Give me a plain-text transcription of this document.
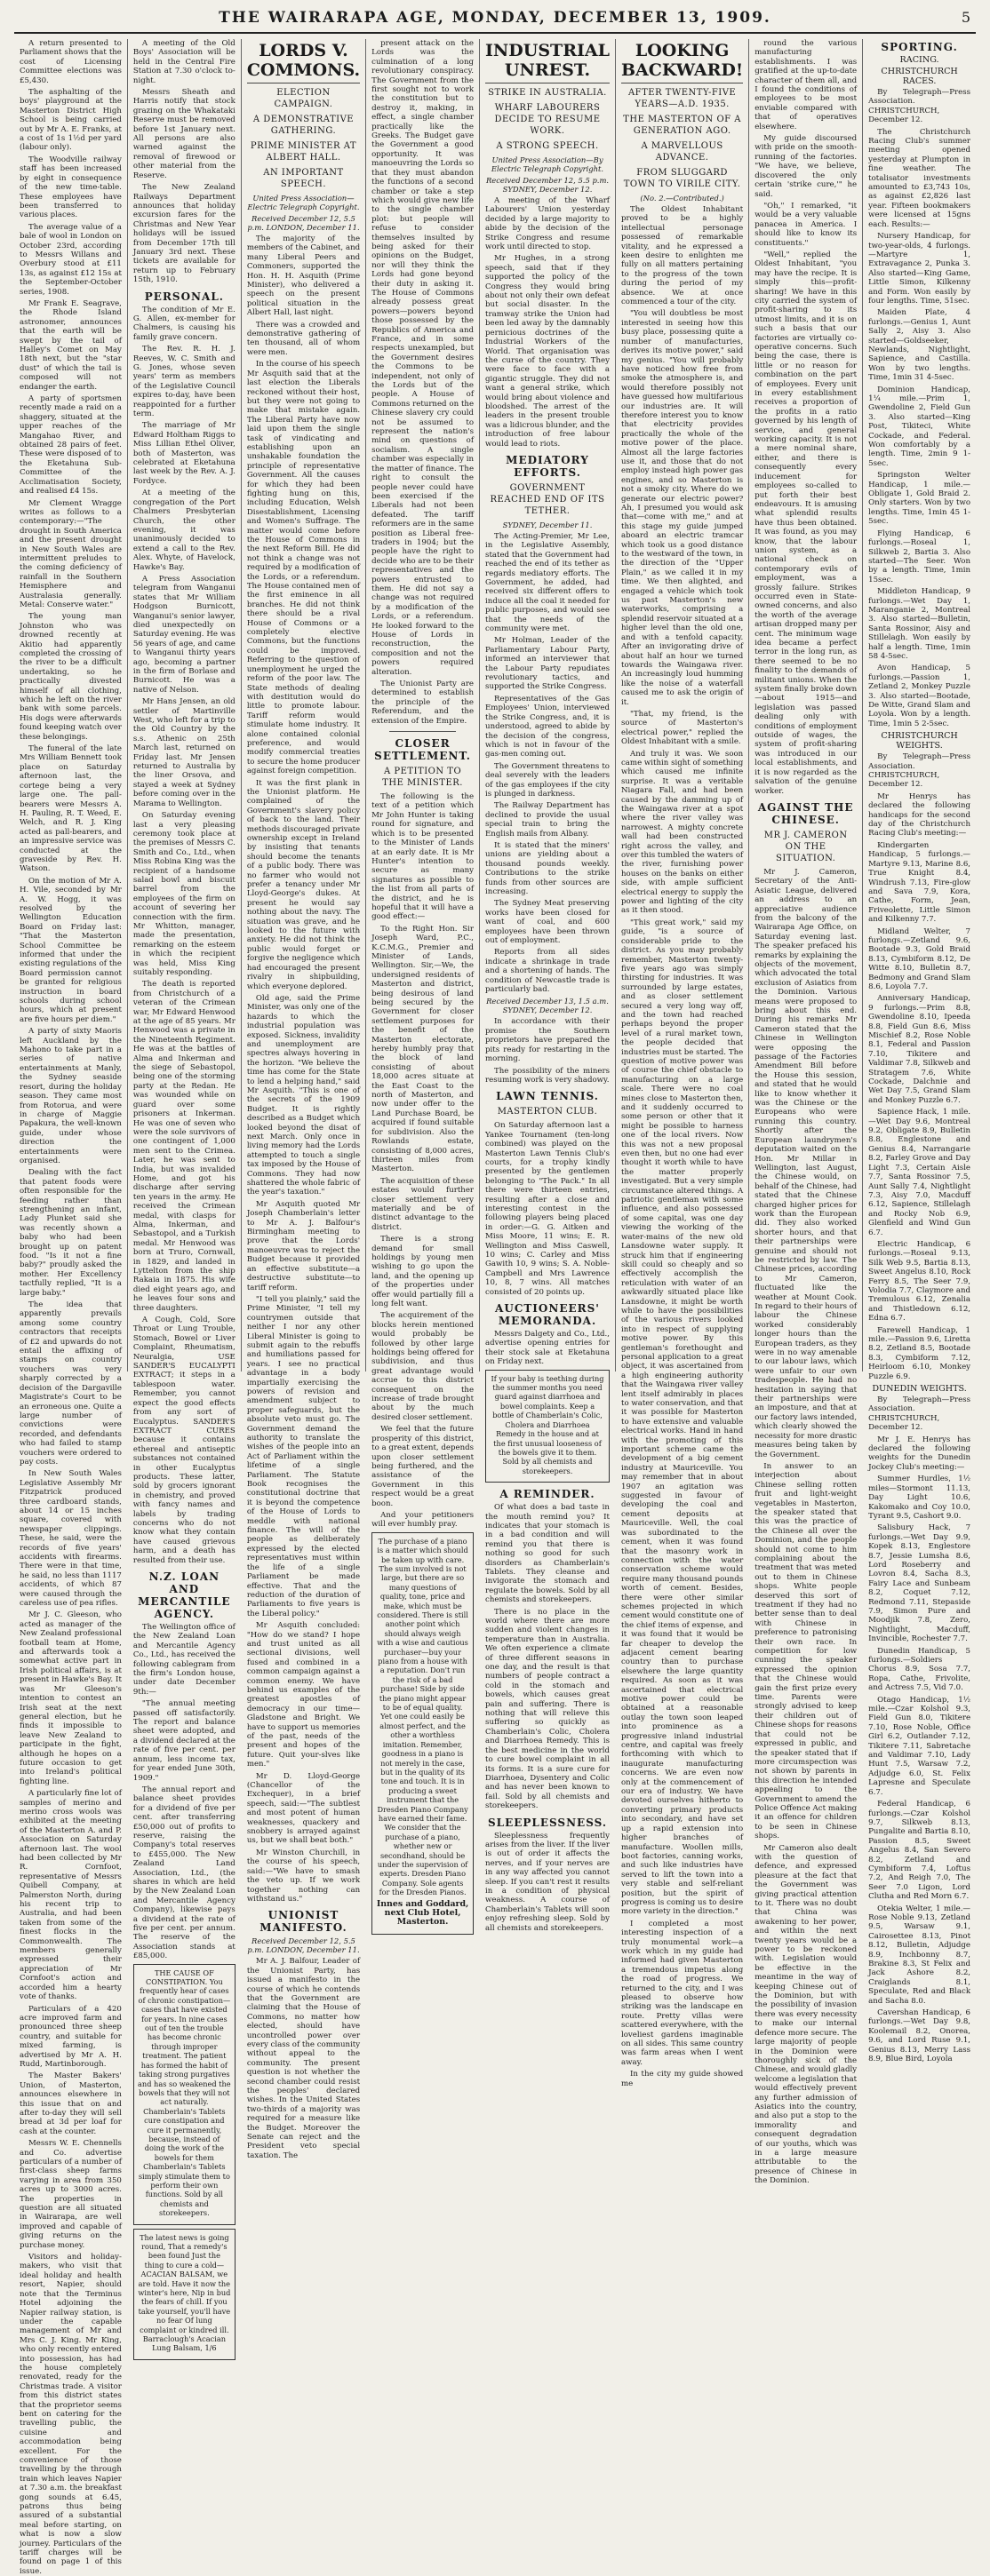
THE WAIRARAPA AGE, MONDAY, DECEMBER 13, 1909.	5

A return presented to Parliament shows that the cost of Licensing Committee elections was £5,430.

The asphalting of the boys' playground at the Masterton District High School is being carried out by Mr A. E. Franks, at a cost of 1s 1½d per yard (labour only).

The Woodville railway staff has been increased by eight in consequence of the new time-table. These employees have been transferred to various places.

The average value of a bale of wool in London on October 23rd, according to Messrs Willans and Overbury stood at £11 13s, as against £12 15s at the September-October series, 1908.

Mr Frank E. Seagrave, the Rhode Island astronomer, announces that the earth will be swept by the tail of Halley's Comet on May 18th next, but the "star dust" of which the tail is composed will not endanger the earth.

A party of sportsmen recently made a raid on a shaggery, situated at the upper reaches of the Mangahao River, and obtained 28 pairs of feet. These were disposed of to the Eketahuna Sub-Committee of the Acclimatisation Society, and realised £4 15s.

Mr Clement Wragge writes as follows to a contemporary:—"The drought in South America and the present drought in New South Wales are intermittent preludes to the coming deficiency of rainfall in the Southern Hemisphere and Australasia generally. Metal: Conserve water."

The young man Johnston who was drowned recently at Akitio had apparently completed the crossing of the river to be a difficult undertaking, so he practically divested himself of all clothing, which he left on the river bank with some parcels. His dogs were afterwards found keeping watch over these belongings.

The funeral of the late Mrs William Bennett took place on Saturday afternoon last, the cortege being a very large one. The pall-bearers were Messrs A. H. Pauling, R. T. Weed, E. Welch, and R. J. King acted as pall-bearers, and an impressive service was conducted at the graveside by Rev. H. Watson.

On the motion of Mr A. H. Vile, seconded by Mr A. W. Hogg, it was resolved by the Wellington Education Board on Friday last: "That the Masterton School Committee be informed that under the existing regulations of the Board permission cannot be granted for religious instruction in board schools during school hours, which at present are five hours per diem."

A party of sixty Maoris left Auckland by the Mahono to take part in a series of native entertainments at Manly, the Sydney seaside resort, during the holiday season. They came most from Rotorua, and were in charge of Maggie Papakura, the well-known guide, under whose direction the entertainments were organised.

Dealing with the fact that patent foods were often responsible for the feeding rather than strengthening an infant, Lady Plunket said she was recently shown a baby who had been brought up on patent food. "Is it not a fine baby?" proudly asked the mother. Her Excellency tactfully replied, "It is a large baby."

The idea that apparently prevails among some country contractors that receipts of £2 and upwards do not entail the affixing of stamps on country vouchers was very sharply corrected by a decision of the Dargaville Magistrate's Court to be an erroneous one. Quite a large number of convictions were recorded, and defendants who had failed to stamp vouchers were ordered to pay costs.

In New South Wales Legislative Assembly Mr Fitzpatrick produced three cardboard stands, about 14 or 15 inches square, covered with newspaper clippings. These, he said, were the records of five years' accidents with firearms. There were in that time, he said, no less than 1117 accidents, of which 87 were caused through the careless use of pea rifles.

Mr J. C. Gleeson, who acted as manager of the New Zealand professional football team at Home, and afterwards took a somewhat active part in Irish political affairs, is at present in Hawke's Bay. It was Mr Gleeson's intention to contest an Irish seat at the next general election, but he finds it impossible to leave New Zealand to participate in the fight, although he hopes on a future occasion to get into Ireland's political fighting line.

A particularly fine lot of samples of merino and merino cross wools was exhibited at the meeting of the Masterton A. and P. Association on Saturday afternoon last. The wool had been collected by Mr R. Cornfoot, representative of Messrs Quibell Company, at Palmerston North, during his recent trip to Australia, and had been taken from some of the finest flocks in the Commonwealth. The members generally expressed their appreciation of Mr Cornfoot's action and accorded him a hearty vote of thanks.

Particulars of a 420 acre improved farm and pronounced three sheep country, and suitable for mixed farming, is advertised by Mr A. H. Rudd, Martinborough.

The Master Bakers' Union, of Masterton, announces elsewhere in this issue that on and after to-day they will sell bread at 3d per loaf for cash at the counter.

Messrs W. E. Chennells and Co. advertise particulars of a number of first-class sheep farms varying in area from 350 acres up to 3000 acres. The properties in question are all situated in Wairarapa, are well improved and capable of giving returns on the purchase money.

Visitors and holiday-makers, who visit that ideal holiday and health resort, Napier, should note that the Terminus Hotel adjoining the Napier railway station, is under the capable management of Mr and Mrs C. J. King. Mr King, who only recently entered into possession, has had the house completely renovated, ready for the Christmas trade. A visitor from this district states that the proprietor seems bent on catering for the travelling public, the cuisine and accommodation being excellent. For the convenience of those travelling by the through train which leaves Napier at 7.30 a.m. the breakfast gong sounds at 6.45, patrons thus being assured of a substantial meal before starting, on what is now a slow journey. Particulars of the tariff charges will be found on page 1 of this issue.

A meeting of the Old Boys' Association will be held in the Central Fire Station at 7.30 o'clock to-night.

Messrs Sheath and Harris notify that stock grazing on the Whakataki Reserve must be removed before 1st January next. All persons are also warned against the removal of firewood or other material from the Reserve.

The New Zealand Railways Department announces that holiday excursion fares for the Christmas and New Year holidays will be issued from December 17th till January 3rd next. These tickets are available for return up to February 15th, 1910.

PERSONAL.

The condition of Mr E. G. Allen, ex-member for Chalmers, is causing his family grave concern.

The Rev. R. H. J. Reeves, W. C. Smith and G. Jones, whose seven years' term as members of the Legislative Council expires to-day, have been reappointed for a further term.

The marriage of Mr Edward Holtham Riggs to Miss Lillian Ethel Oliver, both of Masterton, was celebrated at Eketahuna last week by the Rev. A. J. Fordyce.

At a meeting of the congregation of the Port Chalmers Presbyterian Church, the other evening, it was unanimously decided to extend a call to the Rev. Alex. Whyte, of Havelock, Hawke's Bay.

A Press Association telegram from Wanganui states that Mr William Hodgson Burnicott, Wanganui's senior lawyer, died unexpectedly on Saturday evening. He was 56 years of age, and came to Wanganui thirty years ago, becoming a partner in the firm of Borlase and Burnicott. He was a native of Nelson.

Mr Hans Jensen, an old settler of Martinville West, who left for a trip to the Old Country by the s.s. Athenic on 25th March last, returned on Friday last. Mr Jensen returned to Australia by the liner Orsova, and stayed a week at Sydney before coming over in the Marama to Wellington.

On Saturday evening last a very pleasing ceremony took place at the premises of Messrs C. Smith and Co., Ltd., when Miss Robina King was the recipient of a handsome salad bowl and biscuit barrel from the employees of the firm on account of severing her connection with the firm. Mr Whitton, manager, made the presentation, remarking on the esteem in which the recipient was held, Miss King suitably responding.

The death is reported from Christchurch of a veteran of the Crimean war, Mr Edward Henwood at the age of 85 years. Mr Henwood was a private in the Nineteenth Regiment. He was at the battles of Alma and Inkerman and the siege of Sebastopol, being one of the storming party at the Redan. He was wounded while on guard over some prisoners at Inkerman. He was one of seven who were the sole survivors of one contingent of 1,000 men sent to the Crimea. Later, he was sent to India, but was invalided Home, and got his discharge after serving ten years in the army. He received the Crimean medal, with clasps for Alma, Inkerman, and Sebastopol, and a Turkish medal. Mr Henwood was born at Truro, Cornwall, in 1829, and landed in Lyttelton from the ship Rakaia in 1875. His wife died eight years ago, and he leaves four sons and three daughters.

A Cough, Cold, Sore Throat or Lung Trouble, Stomach, Bowel or Liver Complaint, Rheumatism, Neuralgia, USE SANDER'S EUCALYPTI EXTRACT; it steps in a tablespoon water. Remember, you cannot expect the good effects from any sort of Eucalyptus. SANDER'S EXTRACT CURES because it contains ethereal and antiseptic substances not contained in other Eucalyptus products. These latter, sold by grocers ignorant in chemistry, and proved with fancy names and labels by trading concerns who do not know what they contain have caused grievous harm, and a death has resulted from their use.

N.Z. LOAN AND MERCANTILE AGENCY.

The Wellington office of the New Zealand Loan and Mercantile Agency Co., Ltd., has received the following cablegram from the firm's London house, under date December 9th:—

"The annual meeting passed off satisfactorily. The report and balance sheet were adopted, and a dividend declared at the rate of five per cent. per annum, less income tax, for year ended June 30th, 1909."

The annual report and balance sheet provides for a dividend of five per cent. after transferring £50,000 out of profits to reserve, raising the Company's total reserves to £455,000. The New Zealand Land Association, Ltd., (the shares in which are held by the New Zealand Loan and Mercantile Agency Company), likewise pays a dividend at the rate of five per cent. per annum. The reserve of the Association stands at £85,000.

THE CAUSE OF CONSTIPATION. You frequently hear of cases of chronic constipation—cases that have existed for years. In nine cases out of ten the trouble has become chronic through improper treatment. The patient has formed the habit of taking strong purgatives and has so weakened the bowels that they will not act naturally. Chamberlain's Tablets cure constipation and cure it permanently, because, instead of doing the work of the bowels for them Chamberlain's Tablets simply stimulate them to perform their own functions. Sold by all chemists and storekeepers.

The latest news is going round, That a remedy's been found Just the thing to cure a cold—ACACIAN BALSAM, we are told. Have it now the winter's here, Nip in bud the fears of chill. If you take yourself, you'll have no fear Of lung complaint or kindred ill. Barraclough's Acacian Lung Balsam, 1/6

LORDS V. COMMONS.
ELECTION CAMPAIGN.
A DEMONSTRATIVE GATHERING.
PRIME MINISTER AT ALBERT HALL.
AN IMPORTANT SPEECH.
United Press Association—Electric Telegraph Copyright.
Received December 12, 5.5 p.m. LONDON, December 11.

The majority of the members of the Cabinet, and many Liberal Peers and Commoners, supported the Hon. H. H. Asquith (Prime Minister), who delivered a speech on the present political situation in the Albert Hall, last night.

There was a crowded and demonstrative gathering of ten thousand, all of whom were men.

In the course of his speech Mr Asquith said that at the last election the Liberals reckoned without their host, but they were not going to make that mistake again. The Liberal Party have now laid upon them the single task of vindicating and establishing upon an unshakable foundation the principle of representative Government. All the causes for which they had been fighting hung on this, including Education, Welsh Disestablishment, Licensing and Women's Suffrage. The matter would come before the House of Commons in the next Reform Bill. He did not think a change was not required by a modification of the Lords, or a referendum. The House contained men of the first eminence in all branches. He did not think there should be a rival House of Commons or a completely elective Commons, but the functions could be improved. Referring to the question of unemployment he urged the reform of the poor law. The State methods of dealing with destitution would do little to promote labour. Tariff reform would stimulate home industry. It alone contained colonial preference, and would modify commercial treaties to secure the home producer against foreign competition.

It was the first plank in the Unionist platform. He complained of the Government's slavery policy of back to the land. Their methods discouraged private ownership except in Ireland by insisting that tenants should become the tenants of a public body. There was no farmer who would not prefer a tenancy under Mr Lloyd-George's dukes. At present he would say nothing about the navy. The situation was grave, and he looked to the future with anxiety. He did not think the public would forget or forgive the negligence which had encouraged the present rivalry in shipbuilding, which everyone deplored.

Old age, said the Prime Minister, was only one of the hazards to which the industrial population was exposed. Sickness, invalidity and unemployment are spectres always hovering in the horizon. "We believe the time has come for the State to lend a helping hand," said Mr Asquith. "This is one of the secrets of the 1909 Budget. It is rightly described as a Budget which looked beyond the disat of next March. Only once in living memory had the Lords attempted to touch a single tax imposed by the House of Commons. They had now shattered the whole fabric of the year's taxation."

Mr Asquith quoted Mr Joseph Chamberlain's letter to Mr A. J. Balfour's Birmingham meeting to prove that the Lords' manoeuvre was to reject the Budget because it provided an effective substitute—a destructive substitute—to tariff reform.

"I tell you plainly," said the Prime Minister, "I tell my countrymen outside that neither I nor any other Liberal Minister is going to submit again to the rebuffs and humiliations passed for years. I see no practical advantage in a body impartially exercising the powers of revision and amendment subject to proper safeguards, but the absolute veto must go. The Government demand the authority to translate the wishes of the people into an Act of Parliament within the lifetime of a single Parliament. The Statute Book recognises the constitutional doctrine that it is beyond the competence of the House of Lords to meddle with national finance. The will of the people as deliberately expressed by the elected representatives must within the life of a single Parliament be made effective. That and the reduction of the duration of Parliaments to five years is the Liberal policy."

Mr Asquith concluded: "How do we stand? I hope and trust united as all sectional divisions, well fused and combined in a common campaign against a common enemy. We have behind us examples of the greatest apostles of democracy in our time—Gladstone and Bright. We have to support us memories of the past, needs of the present and hopes of the future. Quit your-slves like men."

Mr D. Lloyd-George (Chancellor of the Exchequer), in a brief speech, said:—"The subtlest and most potent of human weaknesses, quackery and snobbery is arrayed against us, but we shall beat both."

Mr Winston Churchill, in the course of his speech, said:—"We have to smash the veto up. If we work together nothing can withstand us."

UNIONIST MANIFESTO.
Received December 12, 5.5 p.m. LONDON, December 11.

Mr A. J. Balfour, Leader of the Unionist Party, has issued a manifesto in the course of which he contends that the Government are claiming that the House of Commons, no matter how elected, should have uncontrolled power over every class of the community without appeal to the community. The present question is not whether the second chamber could resist the peoples' declared wishes. In the United States two-thirds of a majority was required for a measure like the Budget. Moreover the Senate can reject and the President veto special taxation. The

present attack on the Lords was the culmination of a long revolutionary conspiracy. The Government from the first sought not to work the constitution but to destroy it, making, in effect, a single chamber practically like the Greeks. The Budget gave the Government a good opportunity. It was manoeuvring the Lords so that they must abandon the functions of a second chamber or take a step which would give new life to the single chamber plot: but people will refuse to consider themselves insulted by being asked for their opinions on the Budget, nor will they think the Lords had gone beyond their duty in asking it. The House of Commons already possess great powers—powers beyond those possessed by the Republics of America and France, and in some respects unexampled, but the Government desires the Commons to be independent, not only of the Lords but of the people. A House of Commons returned on the Chinese slavery cry could not be assumed to represent the nation's mind on questions of socialism. A single chamber was especially in the matter of finance. The right to consult the people never could have been exercised if the Liberals had not been defeated. The tariff reformers are in the same position as Liberal free-traders in 1904; but the people have the right to decide who are to be their representatives and the powers entrusted to them. He did not say a change was not required by a modification of the Lords, or a referendum. He looked forward to the House of Lords in reconstruction, the composition and not the powers required alteration.

The Unionist Party are determined to establish the principle of the Referendum, and the extension of the Empire.

CLOSER SETTLEMENT.
A PETITION TO THE MINISTER.

The following is the text of a petition which Mr John Hunter is taking round for signature, and which is to be presented to the Minister of Lands at an early date. It is Mr Hunter's intention to secure as many signatures as possible to the list from all parts of the district, and he is hopeful that it will have a good effect:—

To the Right Hon. Sir Joseph Ward, P.C., K.C.M.G., Premier and Minister of Lands, Wellington. Sir,—We, the undersigned residents of Masterton and district, being desirous of land being secured by the Government for closer settlement purposes for the benefit of the Masterton electorate, hereby humbly pray that the block of land consisting of about 18,000 acres situate at the East Coast to the north of Masterton, and now under offer to the Land Purchase Board, be acquired if found suitable for subdivision. Also the Rowlands estate, consisting of 8,000 acres, thirteen miles from Masterton.

The acquisition of these estates would further closer settlement very materially and be of distinct advantage to the district.

There is a strong demand for small holdings by young men wishing to go upon the land, and the opening up of the properties under offer would partially fill a long felt want.

The acquirement of the blocks herein mentioned would probably be followed by other large holdings being offered for subdivision, and thus great advantage would accrue to this district consequent on the increase of trade brought about by the much desired closer settlement.

We feel that the future prosperity of this district, to a great extent, depends upon closer settlement being furthered, and the assistance of the Government in this respect would be a great boon.

And your petitioners will ever humbly pray.

The purchase of a piano is a matter which should be taken up with care. The sum involved is not large, but there are so many questions of quality, tone, price and make, which must be considered. There is still another point which should always weigh with a wise and cautious purchaser—buy your piano from a house with a reputation. Don't run the risk of a bad purchase! Side by side the piano might appear to be of equal quality. Yet one could easily be almost perfect, and the other a worthless imitation. Remember, goodness in a piano is not merely in the case, but in the quality of its tone and touch. It is in producing a sweet instrument that the Dresden Piano Company have earned their fame. We consider that the purchase of a piano, whether new or secondhand, should be under the supervision of experts. Dresden Piano Company. Sole agents for the Dresden Pianos.

Innes and Goddard, next Club Hotel, Masterton.

INDUSTRIAL UNREST.
STRIKE IN AUSTRALIA.
WHARF LABOURERS DECIDE TO RESUME WORK.
A STRONG SPEECH.
United Press Association—By Electric Telegraph Copyright.
Received December 12, 5.5 p.m. SYDNEY, December 12.

A meeting of the Wharf Labourers' Union yesterday decided by a large majority to abide by the decision of the Strike Congress and resume work until directed to stop.

Mr Hughes, in a strong speech, said that if they supported the policy of the Congress they would bring about not only their own defeat but social disaster. In the tramway strike the Union had been led away by the damnably pernicious doctrines of the Industrial Workers of the World. That organisation was the curse of the country. They were face to face with a gigantic struggle. They did not want a general strike, which would bring about violence and bloodshed. The arrest of the leaders in the present trouble was a lidicrous blunder, and the introduction of free labour would lead to riots.

MEDIATORY EFFORTS.
GOVERNMENT REACHED END OF ITS TETHER.
SYDNEY, December 11.

The Acting-Premier, Mr Lee, in the Legislative Assembly, stated that the Government had reached the end of its tether as regards mediatory efforts. The Government, he added, had received six different offers to induce all the coal it needed for public purposes, and would see that the needs of the community were met.

Mr Holman, Leader of the Parliamentary Labour Party, informed an interviewer that the Labour Party repudiates revolutionary tactics, and supported the Strike Congress.

Representatives of the Gas Employees' Union, interviewed the Strike Congress, and, it is understood, agreed to abide by the decision of the congress, which is not in favour of the gas-men coming out.

The Government threatens to deal severely with the leaders of the gas employees if the city is plunged in darkness.

The Railway Department has declined to provide the usual special train to bring the English mails from Albany.

It is stated that the miners' unions are yielding about a thousand pounds weekly. Contributions to the strike funds from other sources are increasing.

The Sydney Meat preserving works have been closed for want of coal, and 600 employees have been thrown out of employment.

Reports from all sides indicate a shrinkage in trade and a shortening of hands. The condition of Newcastle trade is particularly bad.

Received December 13, 1.5 a.m. SYDNEY, December 12.

In accordance with their promise the Southern proprietors have prepared the pits ready for restarting in the morning.

The possibility of the miners resuming work is very shadowy.

LAWN TENNIS.
MASTERTON CLUB.

On Saturday afternoon last a Yankee Tournament (ten-long combined) was played on the Masterton Lawn Tennis Club's courts, for a trophy kindly presented by the gentlemen belonging to "The Pack." In all there were thirteen entries, resulting after a close and interesting contest in the following players being placed in order:—G. G. Aitken and Miss Moore, 11 wins; E. R. Wellington and Miss Caswell, 10 wins; C. Carley and Miss Gawith 10, 9 wins; S. A. Noble-Campbell and Mrs Lawrence 10, 8, 7 wins. All matches consisted of 20 points up.

AUCTIONEERS' MEMORANDA.

Messrs Dalgety and Co., Ltd., advertise opening entries for their stock sale at Eketahuna on Friday next.

If your baby is teething during the summer months you need guard against diarrhoea and bowel complaints. Keep a bottle of Chamberlain's Colic, Cholera and Diarrhoea Remedy in the house and at the first unusual looseness of the bowels give it to them. Sold by all chemists and storekeepers.

A REMINDER.

Of what does a bad taste in the mouth remind you? It indicates that your stomach is in a bad condition and will remind you that there is nothing so good for such disorders as Chamberlain's Tablets. They cleanse and invigorate the stomach and regulate the bowels. Sold by all chemists and storekeepers.

There is no place in the world where there are more sudden and violent changes in temperature than in Australia. We often experience a climate of three different seasons in one day, and the result is that numbers of people contract a cold in the stomach and bowels, which causes great pain and suffering. There is nothing that will relieve this suffering so quickly as Chamberlain's Colic, Cholera and Diarrhoea Remedy. This is the best medicine in the world to cure bowel complaint in all its forms. It is a sure cure for Diarrhoea, Dysentery and Colic and has never been known to fail. Sold by all chemists and storekeepers.

SLEEPLESSNESS.

Sleeplessness frequently arises from the liver. If the liver is out of order it affects the nerves, and if your nerves are in any way affected you cannot sleep. If you can't rest it results in a condition of physical weakness. A course of Chamberlain's Tablets will soon enjoy refreshing sleep. Sold by all chemists and storekeepers.

LOOKING BACKWARD!
AFTER TWENTY-FIVE YEARS—A.D. 1935.
THE MASTERTON OF A GENERATION AGO.
A MARVELLOUS ADVANCE.
FROM SLUGGARD TOWN TO VIRILE CITY.
(No. 2.—Contributed.)

The Oldest Inhabitant proved to be a highly intellectual personage possessed of remarkable vitality, and he expressed a keen desire to enlighten me fully on all matters pertaining to the progress of the town during the period of my absence. We at once commenced a tour of the city.

"You will doubtless be most interested in seeing how this busy place, possessing quite a number of manufacturies, derives its motive power," said my genius. "You will probably have noticed how free from smoke the atmosphere is, and would therefore possibly not have guessed how multifarious our industries are. It will therefore interest you to know that electricity provides practically the whole of the motive power of the place. Almost all the large factories use it, and those that do not employ instead high power gas engines, and so Masterton is not a smoky city. Where do we generate our electric power? Ah, I presumed you would ask that—come with me," and at this stage my guide jumped aboard an electric tramcar which took us a good distance to the westward of the town, in the direction of the "Upper Plain," as we called it in my time. We then alighted, and engaged a vehicle which took us past Masterton's new waterworks, comprising a splendid reservoir situated at a higher level than the old one, and with a tenfold capacity. After an invigorating drive of about half an hour we turned towards the Waingawa river. An increasingly loud humming like the noise of a waterfall caused me to ask the origin of it.

"That, my friend, is the source of Masterton's electrical power," replied the Oldest Inhabitant with a smile.

And truly it was. We soon came within sight of something which caused me infinite surprise. It was a veritable Niagara Fall, and had been caused by the damming up of the Waingawa river at a spot where the river valley was narrowest. A mighty concrete wall had been constructed right across the valley, and over this tumbled the waters of the river, furnishing power houses on the banks on either side, with ample sufficient electrical energy to supply the power and lighting of the city as it then stood.

"This great work," said my guide, "is a source of considerable pride to the district. As you may probably remember, Masterton twenty-five years ago was simply thirsting for industries. It was surrounded by large estates, and as closer settlement secured a very long way off, and the town had reached perhaps beyond the proper level of a rural market town, the people decided that industries must be started. The question of motive power was of course the chief obstacle to manufacturing on a large scale. There were no coal mines close to Masterton then, and it suddenly occurred to some person or other that it might be possible to harness one of the local rivers. Now this was not a new proposal even then, but no one had ever thought it worth while to have the matter properly investigated. But a very simple circumstance altered things. A patriotic gentleman with some influence, and also possessed of some capital, was one day viewing the working of the water-mains of the new old Lansdowne water supply. It struck him that if engineering skill could so cheaply and so effectively accomplish the reticulation with water of an awkwardly situated place like Lansdowne, it might be worth while to have the possibilities of the various rivers looked into in respect of supplying motive power. By this gentleman's forethought and personal application to a great object, it was ascertained from a high engineering authority that the Waingawa river valley lent itself admirably in places to water conservation, and that it was possible for Masterton to have extensive and valuable electrical works. Hand in hand with the promoting of this important scheme came the development of a big cement industry at Mauriceville. You may remember that in about 1907 an agitation was suggested in favour of developing the coal and cement deposits at Mauriceville. Well, the coal was subordinated to the cement, when it was found that the masonry work in connection with the water conservation scheme would require many thousand pounds worth of cement. Besides, there were other similar schemes projected in which cement would constitute one of the chief items of expense, and it was found that it would be far cheaper to develop the adjacent cement bearing country than to purchase elsewhere the large quantity required. As soon as it was ascertained that electrical motive power could be obtained at a reasonable outlay the town soon leaped into prominence as a progressive inland industrial centre, and capital was freely forthcoming with which to inaugurate manufacturing concerns. We are even now only at the commencement of our era of industry. We have devoted ourselves hitherto to converting primary products into secondary, and have set up a rapid extension into higher branches of manufacture. Woollen mills, boot factories, canning works, and such like industries have served to lift the town into a very stable and self-reliant position, but the spirit of progress is coming us to desire more variety in the direction."

I completed a most interesting inspection of a truly monumental work—a work which in my guide had informed had given Masterton a tremendous impetus along the road of progress. We returned to the city, and I was pleased to observe how striking was the landscape en route. Pretty villas were scattered everywhere, with the loveliest gardens imaginable on all sides. This same country was farm areas when I went away.

In the city my guide showed me

round the various manufacturing establishments. I was gratified at the up-to-date character of them all, and I found the conditions of employees to be most enviable compared with that of operatives elsewhere.

My guide discoursed with pride on the smooth-running of the factories. "We have, we believe, discovered the only certain 'strike cure,'" he said.

"Oh," I remarked, "it would be a very valuable panacea in America. I should like to know its constituents."

"Well," replied the Oldest Inhabitant, "you may have the recipe. It is simply this—profit-sharing! We have in this city carried the system of profit-sharing to its utmost limits, and it is on such a basis that our factories are virtually co-operative concerns. Such being the case, there is little or no reason for combination on the part of employees. Every unit in every establishment receives a proportion of the profits in a ratio governed by his length of service, and general working capacity. It is not a mere nominal share, either, and there is consequently every inducement for employees so-called to put forth their best endeavours. It is amusing what splendid results have thus been obtained. It was found, as you may know, that the labour union system, as a national check on contemporary evils of employment, was a grossly failure. Strikes occurred even in State-owned concerns, and also the worth of the average artisan dropped many per cent. The minimum wage idea became a perfect terror in the long run, as there seemed to be no finality to the demands of militant unions. When the system finally broke down—about 1915—and legislation was passed dealing only with conditions of employment outside of wages, the system of profit-sharing was introduced in our local establishments, and it is now regarded as the salvation of the genuine worker.

AGAINST THE CHINESE.
MR J. CAMERON ON THE SITUATION.

Mr J. Cameron, Secretary of the Anti-Asiatic League, delivered an address to an appreciative audience from the balcony of the Wairarapa Age Office, on Saturday evening last. The speaker prefaced his remarks by explaining the objects of the movement, which advocated the total exclusion of Asiatics from the Dominion. Various means were proposed to bring about this end. During his remarks Mr Cameron stated that the Chinese in Wellington were opposing the passage of the Factories Amendment Bill before the House this session, and stated that he would like to know whether it was the Chinese or the Europeans who were running this country. Shortly after the European laundrymen's deputation waited on the Hon. Mr Millar in Wellington, last August, the Chinese would, on behalf of the Chinese, had stated that the Chinese charged higher prices for work than the European did. They also worked shorter hours, and that their partnerships were genuine and should not be restricted by law. The Chinese prices, according to Mr Cameron, fluctuated like the weather at Mount Cook. In regard to their hours of labour the Chinese worked considerably longer hours than the European traders, as they were in no way amenable to our labour laws, which were unfair to our own tradespeople. He had no hesitation in saying that their partnerships were an imposture, and that at our factory laws intended, which clearly showed the necessity for more drastic measures being taken by the Government.

In answer to an interjection about Chinese selling rotten fruit and light-weight vegetables in Masterton, the speaker stated that this was the practice of the Chinese all over the Dominion, and the people should not come to him complaining about the treatment that was meted out to them in Chinese shops. White people deserved this sort of treatment if they had no better sense than to deal with Chinese in preference to patronising their own race. In competition for low cunning the speaker expressed the opinion that the Chinese would gain the first prize every time. Parents were strongly advised to keep their children out of Chinese shops for reasons that could not be expressed in public, and the speaker stated that if more circumspection was not shown by parents in this direction he intended appealing to the Government to amend the Police Offence Act making it an offence for children to be seen in Chinese shops.

Mr Cameron also dealt with the question of defence, and expressed pleasure at the fact that the Government was giving practical attention to it. There was no doubt that China was awakening to her power, and within the next twenty years would be a power to be reckoned with. Legislation would be effective in the meantime in the way of keeping Chinese out of the Dominion, but with the possibility of invasion there was every necessity to make our internal defence more secure. The large majority of people in the Dominion were thoroughly sick of the Chinese, and would gladly welcome a legislation that would effectively prevent any further admission of Asiatics into the country, and also put a stop to the immorality and consequent degradation of our youths, which was in a large measure attributable to the presence of Chinese in the Dominion.

SPORTING.
RACING.
CHRISTCHURCH RACES.

By Telegraph—Press Association. CHRISTCHURCH, December 12.

The Christchurch Racing Club's summer meeting opened yesterday at Plumpton in fine weather. The totalisator investments amounted to £3,743 10s, as against £2,826 last year. Fifteen bookmakers were licensed at 15gns each. Results:—

Nursery Handicap, for two-year-olds, 4 furlongs.—Martyre 1, Extravagance 2, Punka 3. Also started—King Game, Little Simon, Kilkenny and Form. Won easily by four lengths. Time, 51sec.

Maiden Plate, 4 furlongs.—Genius 1, Aunt Sally 2, Aisy 3. Also started—Goldseeker, Newlands, Nightlight, Sapience, and Castilla. Won by two lengths. Time, 1min 31 4-5sec.

Dominion Handicap, 1¼ mile.—Prim 1, Gwendoline 2, Field Gun 3. Also started—King Post, Tikiteci, White Cockade, and Federal. Won comfortably by a length. Time, 2min 9 1-5sec.

Springston Welter Handicap, 1 mile.—Obligate 1, Gold Braid 2. Only starters. Won by two lengths. Time, 1min 45 1-5sec.

Flying Handicap, 6 furlongs.—Roseal 1, Silkweb 2, Bartia 3. Also started—The Seer. Won by a length. Time, 1min 15sec.

Middleton Handicap, 9 furlongs.—Wet Day 1, Maranganie 2, Montreal 3. Also started—Bulletin, Santa Rossinor, Aisy and Stillelagh. Won easily by half a length. Time, 1min 58 4-5sec.

Avon Handicap, 5 furlongs.—Passion 1, Zetland 2, Monkey Puzzle 3. Also started—Bootade, De Witte, Grand Slam and Loyola. Won by a length. Time, 1min 5 2-5sec.

CHRISTCHURCH WEIGHTS.

By Telegraph—Press Association. CHRISTCHURCH, December 12.

Mr Henrys has declared the following handicaps for the second day of the Christchurch Racing Club's meeting:—

Kindergarten Handicap, 5 furlongs.—Martyre 9.13, Marine 8.6, True Knight 8.4, Windrush 7.13, Fire-glow and Sava 7.9, Kora, Cathe, Form, Jean, Friveolette, Little Simon and Kilkenny 7.7.

Midland Welter, 7 furlongs.—Zetland 9.6, Bootade 9.3, Gold Braid 8.13, Cymbiform 8.12, De Witte 8.10, Bulletin 8.7, Bedmony and Grand Slam 8.6, Loyola 7.7.

Anniversary Handicap, 9 furlongs.—Prim 8.8, Gwendoline 8.10, Ipeeda 8.8, Field Gun 8.6, Miss Mischief 8.2, Rose Noble 8.1, Federal and Passion 7.10, Tikitere and Valdimar 7.8, Silkweb and Stratagem 7.6, White Cockade, Dalchnie and Wet Day 7.5, Grand Slam and Monkey Puzzle 6.7.

Sapience Hack, 1 mile.—Wet Day 9.6, Montreal 9.2, Obligate 8.9, Bulletin 8.8, Englestone and Genius 8.4, Narrangarie 8.2, Farley Grove and Day Light 7.3, Certain Aisle 7.7, Santa Rossinor 7.5, Aunt Sally 7.4, Nightlight 7.3, Aisy 7.0, Macduff 6.12, Sapience, Stillelagh and Rocky Nob 6.9, Glenfield and Wind Gun 6.7.

Electric Handicap, 6 furlongs.—Roseal 9.13, Silk Web 9.5, Bartia 8.13, Sweet Angelus 8.10, Rock Ferry 8.5, The Seer 7.9, Volodia 7.7, Claymore and Tremulous 6.12, Zenalia and Thistledown 6.12, Edna 6.7.

Farewell Handicap, 1 mile.—Passion 9.6, Liretta 8.2, Zetland 8.5, Bootade 8.3, Cymbiform 7.12, Heirloom 6.10, Monkey Puzzle 6.9.

DUNEDIN WEIGHTS.

By Telegraph—Press Association. CHRISTCHURCH, December 12.

Mr J. E. Henrys has declared the following weights for the Dunedin Jockey Club's meeting:—

Summer Hurdles, 1½ miles—Stormont 11.13, Day Light 10.6, Kakomako and Coy 10.0, Tyrant 9.5, Cashort 9.0.

Salisbury Hack, 7 furlongs.—Wet Day 9.9, Kopek 8.13, Englestore 8.7, Jessie Lumsha 8.6, Lord Roseberry and Lovron 8.4, Sacha 8.3, Fairy Lace and Sunbeam 8.2, Coquet 7.12, Redmond 7.11, Stepaside 7.9, Simon Pure and Moodjik 7.8, Zero, Nightlight, Macduff, Invincible, Rochester 7.7.

Dunedin Handicap, 5 furlongs.—Soldiers Chorus 8.9, Sosa 7.7, Ropa, Cathe, Frivolite, and Actress 7.5, Vid 7.0.

Otago Handicap, 1½ mile.—Czar Kolshol 9.3, Field Gun 8.0, Tikitere 7.10, Rose Noble, Office Girl 6.2, Outlander 7.12, Tikitere 7.11, Sabretache and Valdimar 7.10, Lady Hunt 7.5, Warsaw 7.2, Adjudge 6.0, St. Felix Lapresne and Speculate 6.7.

Federal Handicap, 6 furlongs.—Czar Kolshol 9.7, Silkweb 8.13, Pungalite and Bartia 8.10, Passion 8.5, Sweet Angelus 8.4, San Severo 8.2, Zetland and Cymbiform 7.4, Loftus 7.2, And Reigh 7.0, The Seer 7.0 Ligon, Lord Clutha and Red Morn 6.7.

Otekia Welter, 1 mile.—Rose Noble 9.13, Zetland 9.5, Warsaw 9.1, Cairosettee 8.13, Pinot 8.12, Bulletin, Adjudge 8.9, Inchbonny 8.7, Brakine 8.3, St Felix and Jack Ashore 8.2, Craiglands 8.1, Speculate, Red and Black and Sacha 8.0.

Cavershan Handicap, 6 furlongs.—Wet Day 9.8, Koolemail 8.2, Onorea, 9.6, and Lord Ruse 9.1, Genius 8.13, Merry Lass 8.9, Blue Bird, Loyola
